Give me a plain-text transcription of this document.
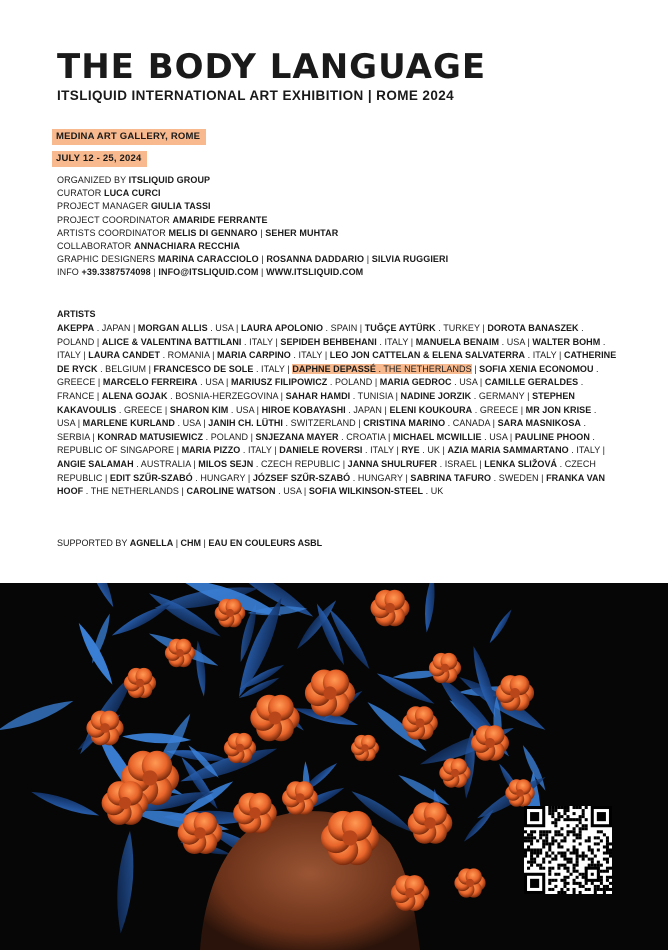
THE BODY LANGUAGE
ITSLIQUID INTERNATIONAL ART EXHIBITION | ROME 2024
MEDINA ART GALLERY, ROME
JULY 12 - 25, 2024
ORGANIZED BY ITSLIQUID GROUP
CURATOR LUCA CURCI
PROJECT MANAGER GIULIA TASSI
PROJECT COORDINATOR AMARIDE FERRANTE
ARTISTS COORDINATOR MELIS DI GENNARO | SEHER MUHTAR
COLLABORATOR ANNACHIARA RECCHIA
GRAPHIC DESIGNERS MARINA CARACCIOLO | ROSANNA DADDARIO | SILVIA RUGGIERI
INFO +39.3387574098 | INFO@ITSLIQUID.COM | WWW.ITSLIQUID.COM
ARTISTS
AKEPPA . JAPAN | MORGAN ALLIS . USA | LAURA APOLONIO . SPAIN | TUĞÇE AYTÜRK . TURKEY | DOROTA BANASZEK . POLAND | ALICE & VALENTINA BATTILANI . ITALY | SEPIDEH BEHBEHANI . ITALY | MANUELA BENAIM . USA | WALTER BOHM . ITALY | LAURA CANDET . ROMANIA | MARIA CARPINO . ITALY | LEO JON CATTELAN & ELENA SALVATERRA . ITALY | CATHERINE DE RYCK . BELGIUM | FRANCESCO DE SOLE . ITALY | DAPHNE DEPASSÉ . THE NETHERLANDS | SOFIA XENIA ECONOMOU . GREECE | MARCELO FERREIRA . USA | MARIUSZ FILIPOWICZ . POLAND | MARIA GEDROC . USA | CAMILLE GERALDES . FRANCE | ALENA GOJAK . BOSNIA-HERZEGOVINA | SAHAR HAMDI . TUNISIA | NADINE JORZIK . GERMANY | STEPHEN KAKAVOULIS . GREECE | SHARON KIM . USA | HIROE KOBAYASHI . JAPAN | ELENI KOUKOURA . GREECE | MR JON KRISE . USA | MARLENE KURLAND . USA | JANIH CH. LÜTHI . SWITZERLAND | CRISTINA MARINO . CANADA | SARA MASNIKOSA . SERBIA | KONRAD MATUSIEWICZ . POLAND | SNJEZANA MAYER . CROATIA | MICHAEL MCWILLIE . USA | PAULINE PHOON . REPUBLIC OF SINGAPORE | MARIA PIZZO . ITALY | DANIELE ROVERSI . ITALY | RYE . UK | AZIA MARIA SAMMARTANO . ITALY | ANGIE SALAMAH . AUSTRALIA | MILOS SEJN . CZECH REPUBLIC | JANNA SHULRUFER . ISRAEL | LENKA SLIŽOVÁ . CZECH REPUBLIC | EDIT SZŰR-SZABÓ . HUNGARY | JÓZSEF SZŰR-SZABÓ . HUNGARY | SABRINA TAFURO . SWEDEN | FRANKA VAN HOOF . THE NETHERLANDS | CAROLINE WATSON . USA | SOFIA WILKINSON-STEEL . UK
SUPPORTED BY AGNELLA | CHM | EAU EN COULEURS ASBL
